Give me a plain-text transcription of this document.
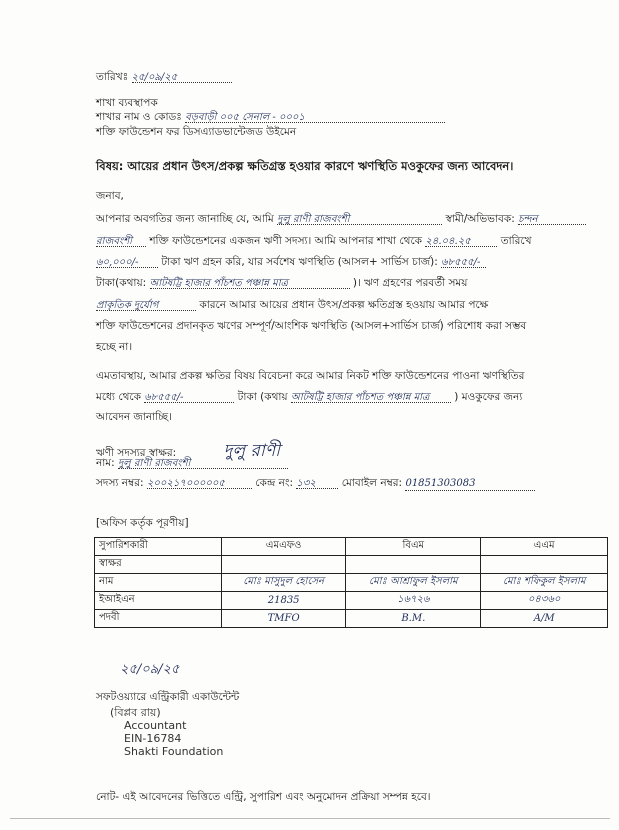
তারিখঃ ২৫/০৯/২৫
শাখা ব্যবস্থাপক
শাখার নাম ও কোডঃ বড়বাড়ী ০০৫ সেনাল - ০০০১
শক্তি ফাউন্ডেশন ফর ডিসএ্যাডভান্টেজড উইমেন
বিষয়: আয়ের প্রধান উৎস/প্রকল্প ক্ষতিগ্রস্ত হওয়ার কারণে ঋণস্থিতি মওকুফের জন্য আবেদন।
জনাব,
আপনার অবগতির জন্য জানাচ্ছি যে, আমি দুলু রাণী রাজবংশী	স্বামী/অভিভাবক: চন্দন
রাজবংশী শক্তি ফাউন্ডেশনের একজন ঋণী সদস্য। আমি আপনার শাখা থেকে ২৪.০৪.২৫	তারিখে
৬০,০০০/- টাকা ঋণ গ্রহন করি, যার সর্বশেষ ঋণস্থিতি (আসল+ সার্ভিস চার্জ): ৬৮৫৫৫/-
টাকা(কথায়: আটষট্টি হাজার পাঁচশত পঞ্চান্ন মাত্র	)। ঋণ গ্রহণের পরবর্তী সময়
প্রাকৃতিক দুর্যোগ	কারনে আমার আয়ের প্রধান উৎস/প্রকল্প ক্ষতিগ্রস্ত হওয়ায় আমার পক্ষে
শক্তি ফাউন্ডেশনের প্রদানকৃত ঋণের সম্পূর্ণ/আংশিক ঋণস্থিতি (আসল+সার্ভিস চার্জ) পরিশোধ করা সম্ভব
হচ্ছে না।
এমতাবস্থায়, আমার প্রকল্প ক্ষতির বিষয় বিবেচনা করে আমার নিকট শক্তি ফাউন্ডেশনের পাওনা ঋণস্থিতির
মধ্যে থেকে ৬৮৫৫৫/-	টাকা (কথায় আটষট্টি হাজার পাঁচশত পঞ্চান্ন মাত্র ) মওকুফের জন্য
আবেদন জানাচ্ছি।
ঋণী সদস্যর স্বাক্ষর:	দুলু রাণী
নাম: দুলু রাণী রাজবংশী
সদস্য নম্বর: ২০০২১৭০০০০০৫	কেন্দ্র নং: ১৩২ মোবাইল নম্বর: 01851303083
[অফিস কর্তৃক পূরণীয়]
সুপারিশকারী	এমএফও	বিএম	এএম
স্বাক্ষর			
নাম	মোঃ মাসুদুল হোসেন	মোঃ আশ্রাফুল ইসলাম	মোঃ শফিকুল ইসলাম
ইআইএন	21835	১৬৭২৬	০৪৩৬০
পদবী	TMFO	B.M.	A/M
২৫/০৯/২৫
সফটওয়্যারে এন্ট্রিকারী একাউন্টেন্ট
(বিপ্লব রায়)
Accountant
EIN-16784
Shakti Foundation
নোট- এই আবেদনের ভিত্তিতে এন্ট্রি, সুপারিশ এবং অনুমোদন প্রক্রিয়া সম্পন্ন হবে।
